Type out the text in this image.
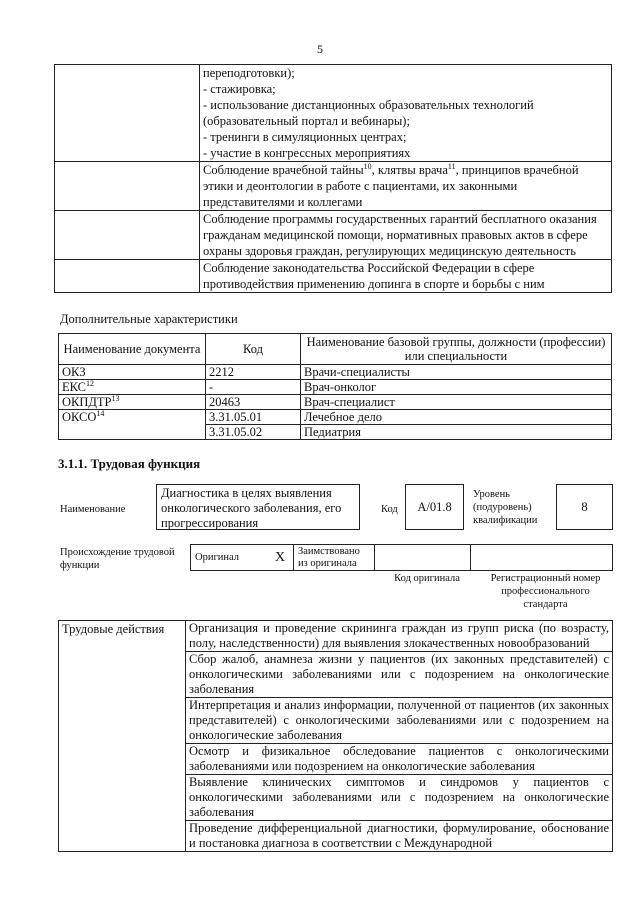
5

	переподготовки);

- стажировка;

- использование дистанционных образовательных технологий (образовательный портал и вебинары);

- тренинги в симуляционных центрах;

- участие в конгрессных мероприятиях

	Соблюдение врачебной тайны$^{10}$, клятвы врача$^{11}$, принципов врачебной этики и деонтологии в работе с пациентами, их законными представителями и коллегами
	Соблюдение программы государственных гарантий бесплатного оказания гражданам медицинской помощи, нормативных правовых актов в сфере охраны здоровья граждан, регулирующих медицинскую деятельность
	Соблюдение законодательства Российской Федерации в сфере противодействия применению допинга в спорте и борьбы с ним
Дополнительные характеристики
Наименование документа	Код	Наименование базовой группы, должности (профессии) или специальности
ОКЗ	2212	Врачи-специалисты
ЕКС$^{12}$	-	Врач-онколог
ОКПДТР$^{13}$	20463	Врач-специалист
ОКСО$^{14}$	3.31.05.01	Лечебное дело
	3.31.05.02	Педиатрия
3.1.1. Трудовая функция
Наименование
Диагностика в целях выявления онкологического заболевания, его прогрессирования
Код	A/01.8
Уровень (подуровень) квалификации
8
Происхождение трудовой функции
Оригинал	X	Заимствовано из оригинала		
Код оригинала	Регистрационный номер профессионального стандарта
Трудовые действия	Организация и проведение скрининга граждан из групп риска (по возрасту, полу, наследственности) для выявления злокачественных новообразований
Сбор жалоб, анамнеза жизни у пациентов (их законных представителей) с онкологическими заболеваниями или с подозрением на онкологические заболевания
Интерпретация и анализ информации, полученной от пациентов (их законных представителей) с онкологическими заболеваниями или с подозрением на онкологические заболевания
Осмотр и физикальное обследование пациентов с онкологическими заболеваниями или подозрением на онкологические заболевания
Выявление клинических симптомов и синдромов у пациентов с онкологическими заболеваниями или с подозрением на онкологические заболевания
Проведение дифференциальной диагностики, формулирование, обоснование и постановка диагноза в соответствии с Международной
